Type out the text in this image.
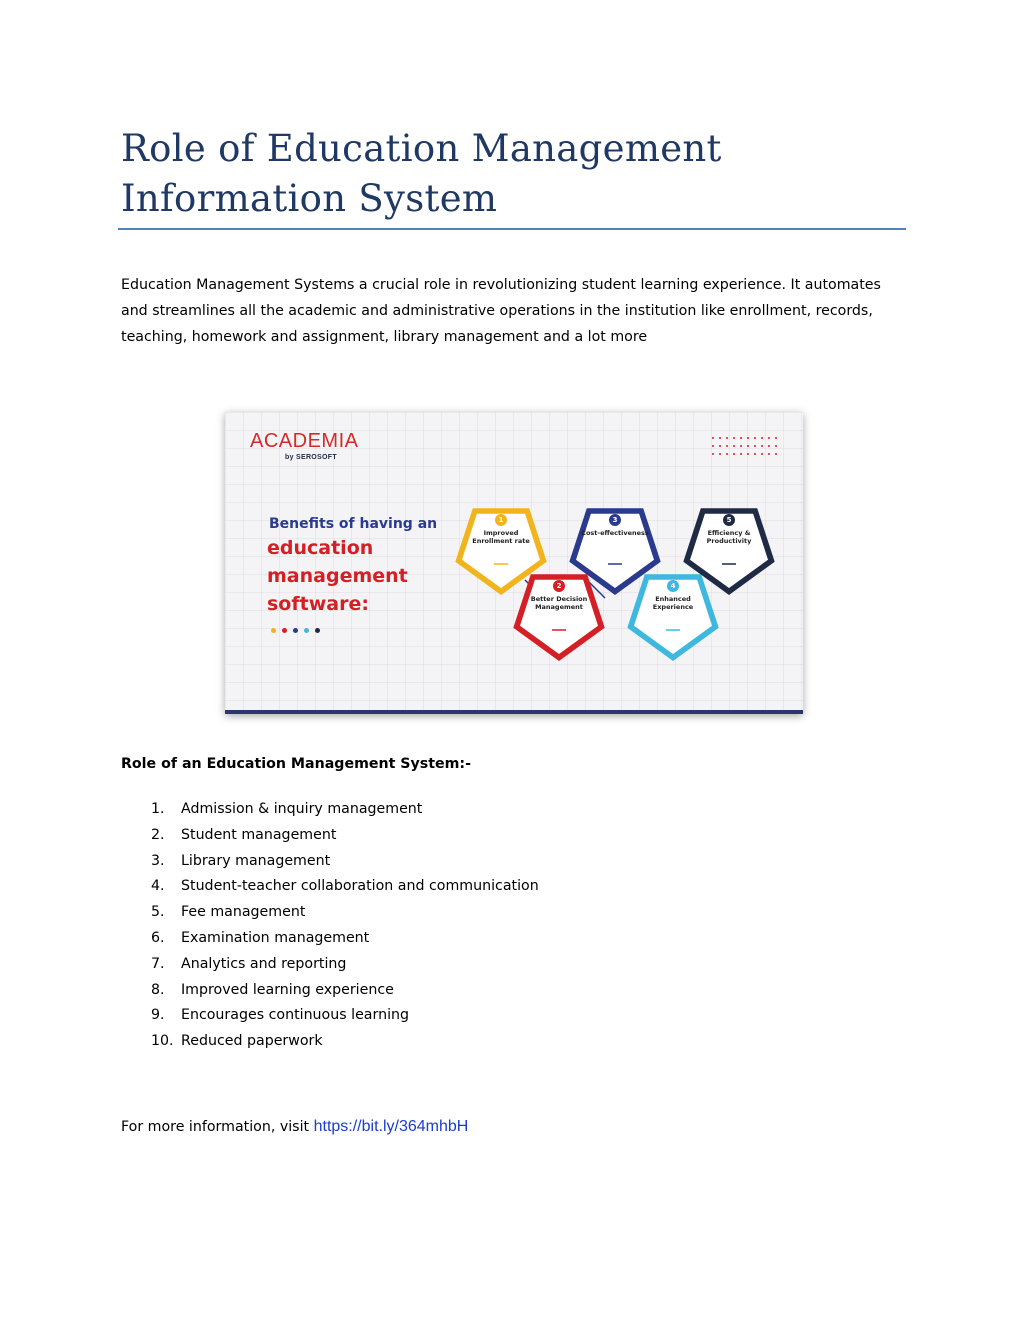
Role of Education Management Information System

Education Management Systems a crucial role in revolutionizing student learning experience. It automates and streamlines all the academic and administrative operations in the institution like enrollment, records, teaching, homework and assignment, library management and a lot more

ACADEMIA
by SEROSOFT
Benefits of having an
education management software:
1
Improved Enrollment rate
2
Better Decision Management
3
Cost-effectiveness
4
Enhanced Experience
5
Efficiency & Productivity
Role of an Education Management System:-
1. Admission & inquiry management
2. Student management
3. Library management
4. Student-teacher collaboration and communication
5. Fee management
6. Examination management
7. Analytics and reporting
8. Improved learning experience
9. Encourages continuous learning
10. Reduced paperwork

For more information, visit https://bit.ly/364mhbH
